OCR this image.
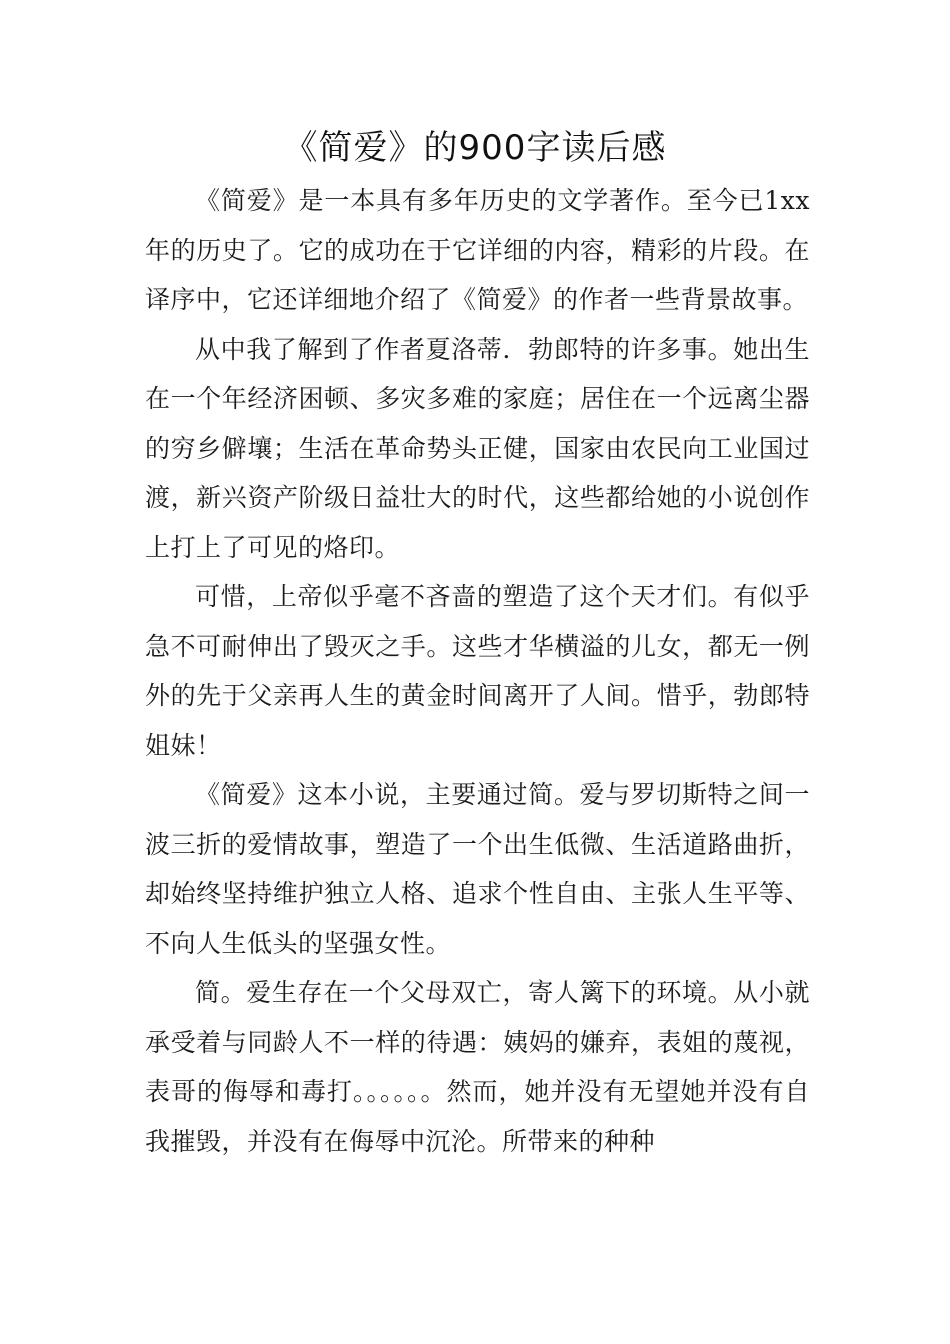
《简爱》的900字读后感

《简爱》是一本具有多年历史的文学著作。至今已1xx年的历史了。它的成功在于它详细的内容，精彩的片段。在译序中，它还详细地介绍了《简爱》的作者一些背景故事。

从中我了解到了作者夏洛蒂．勃郎特的许多事。她出生在一个年经济困顿、多灾多难的家庭；居住在一个远离尘器的穷乡僻壤；生活在革命势头正健，国家由农民向工业国过渡，新兴资产阶级日益壮大的时代，这些都给她的小说创作上打上了可见的烙印。

可惜，上帝似乎毫不吝啬的塑造了这个天才们。有似乎急不可耐伸出了毁灭之手。这些才华横溢的儿女，都无一例外的先于父亲再人生的黄金时间离开了人间。惜乎，勃郎特姐妹！

《简爱》这本小说，主要通过简。爱与罗切斯特之间一波三折的爱情故事，塑造了一个出生低微、生活道路曲折，却始终坚持维护独立人格、追求个性自由、主张人生平等、不向人生低头的坚强女性。

简。爱生存在一个父母双亡，寄人篱下的环境。从小就承受着与同龄人不一样的待遇：姨妈的嫌弃，表姐的蔑视，表哥的侮辱和毒打。。。。。。然而，她并没有无望她并没有自我摧毁，并没有在侮辱中沉沦。所带来的种种
